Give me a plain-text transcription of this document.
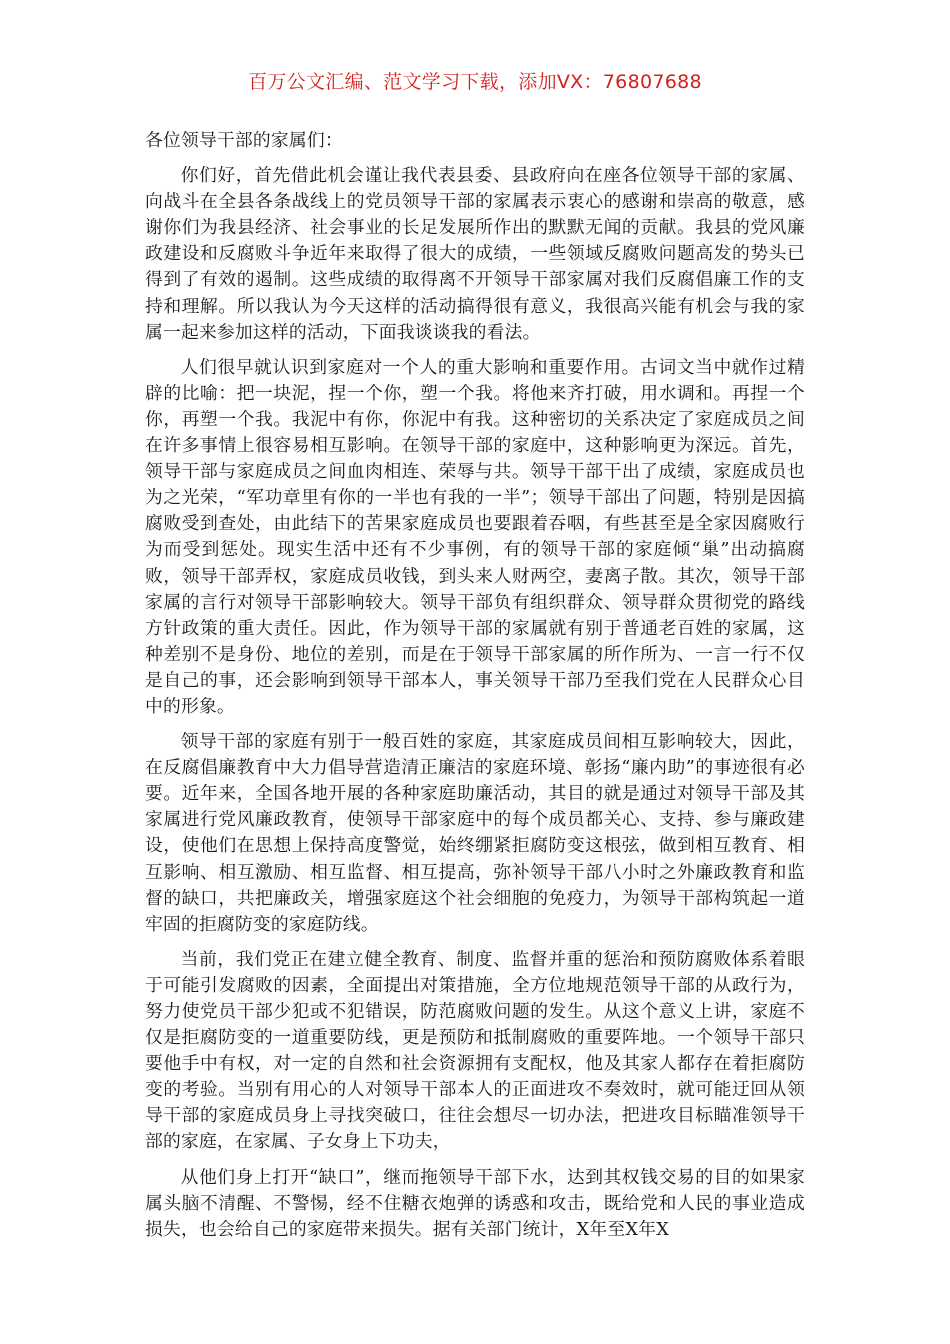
百万公文汇编、范文学习下载，添加VX：76807688

各位领导干部的家属们：

你们好，首先借此机会谨让我代表县委、县政府向在座各位领导干部的家属、向战斗在全县各条战线上的党员领导干部的家属表示衷心的感谢和崇高的敬意，感谢你们为我县经济、社会事业的长足发展所作出的默默无闻的贡献。我县的党风廉政建设和反腐败斗争近年来取得了很大的成绩，一些领域反腐败问题高发的势头已得到了有效的遏制。这些成绩的取得离不开领导干部家属对我们反腐倡廉工作的支持和理解。所以我认为今天这样的活动搞得很有意义，我很高兴能有机会与我的家属一起来参加这样的活动，下面我谈谈我的看法。

人们很早就认识到家庭对一个人的重大影响和重要作用。古词文当中就作过精辟的比喻：把一块泥，捏一个你，塑一个我。将他来齐打破，用水调和。再捏一个你，再塑一个我。我泥中有你，你泥中有我。这种密切的关系决定了家庭成员之间在许多事情上很容易相互影响。在领导干部的家庭中，这种影响更为深远。首先，领导干部与家庭成员之间血肉相连、荣辱与共。领导干部干出了成绩，家庭成员也为之光荣，“军功章里有你的一半也有我的一半”；领导干部出了问题，特别是因搞腐败受到查处，由此结下的苦果家庭成员也要跟着吞咽，有些甚至是全家因腐败行为而受到惩处。现实生活中还有不少事例，有的领导干部的家庭倾“巢”出动搞腐败，领导干部弄权，家庭成员收钱，到头来人财两空，妻离子散。其次，领导干部家属的言行对领导干部影响较大。领导干部负有组织群众、领导群众贯彻党的路线方针政策的重大责任。因此，作为领导干部的家属就有别于普通老百姓的家属，这种差别不是身份、地位的差别，而是在于领导干部家属的所作所为、一言一行不仅是自己的事，还会影响到领导干部本人，事关领导干部乃至我们党在人民群众心目中的形象。

领导干部的家庭有别于一般百姓的家庭，其家庭成员间相互影响较大，因此，在反腐倡廉教育中大力倡导营造清正廉洁的家庭环境、彰扬“廉内助”的事迹很有必要。近年来，全国各地开展的各种家庭助廉活动，其目的就是通过对领导干部及其家属进行党风廉政教育，使领导干部家庭中的每个成员都关心、支持、参与廉政建设，使他们在思想上保持高度警觉，始终绷紧拒腐防变这根弦，做到相互教育、相互影响、相互激励、相互监督、相互提高，弥补领导干部八小时之外廉政教育和监督的缺口，共把廉政关，增强家庭这个社会细胞的免疫力，为领导干部构筑起一道牢固的拒腐防变的家庭防线。

当前，我们党正在建立健全教育、制度、监督并重的惩治和预防腐败体系着眼于可能引发腐败的因素，全面提出对策措施，全方位地规范领导干部的从政行为，努力使党员干部少犯或不犯错误，防范腐败问题的发生。从这个意义上讲，家庭不仅是拒腐防变的一道重要防线，更是预防和抵制腐败的重要阵地。一个领导干部只要他手中有权，对一定的自然和社会资源拥有支配权，他及其家人都存在着拒腐防变的考验。当别有用心的人对领导干部本人的正面进攻不奏效时，就可能迂回从领导干部的家庭成员身上寻找突破口，往往会想尽一切办法，把进攻目标瞄准领导干部的家庭，在家属、子女身上下功夫，

从他们身上打开“缺口”，继而拖领导干部下水，达到其权钱交易的目的如果家属头脑不清醒、不警惕，经不住糖衣炮弹的诱惑和攻击，既给党和人民的事业造成损失，也会给自己的家庭带来损失。据有关部门统计，X年至X年X
